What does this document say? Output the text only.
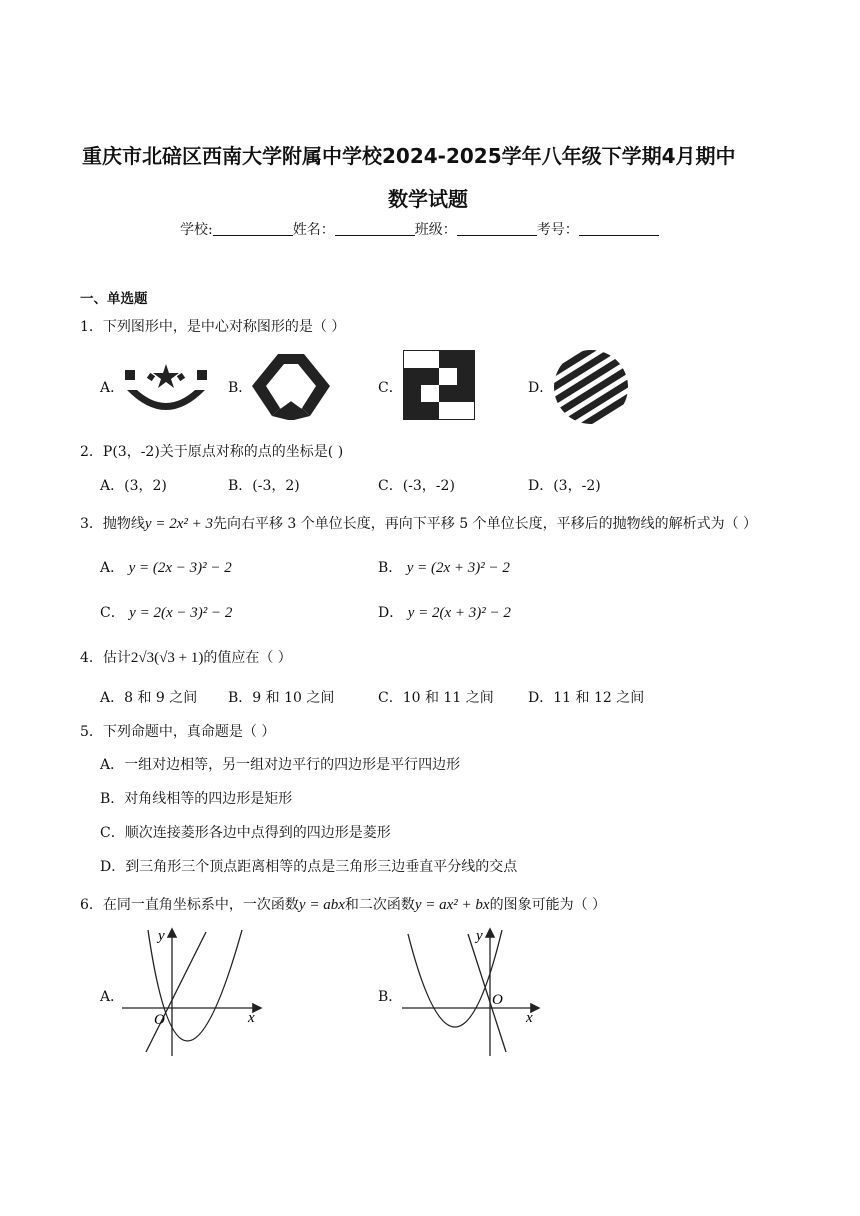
重庆市北碚区西南大学附属中学校2024-2025学年八年级下学期4月期中
数学试题
学校:	姓名：	班级：	考号：
一、单选题
1．下列图形中，是中心对称图形的是（ ）
A．	B．	C．	D．
2．P(3，-2)关于原点对称的点的坐标是( )
A．(3，2)	B．(-3，2)	C．(-3，-2)	D．(3，-2)
3．抛物线y = 2x² + 3先向右平移 3 个单位长度，再向下平移 5 个单位长度，平移后的抛物线的解析式为（ ）
A． y = (2x − 3)² − 2	B． y = (2x + 3)² − 2
C． y = 2(x − 3)² − 2	D． y = 2(x + 3)² − 2
4．估计2√3(√3 + 1)的值应在（ ）
A．8 和 9 之间 B．9 和 10 之间	C．10 和 11 之间 D．11 和 12 之间
5．下列命题中，真命题是（ ）
A．一组对边相等，另一组对边平行的四边形是平行四边形
B．对角线相等的四边形是矩形
C．顺次连接菱形各边中点得到的四边形是菱形
D．到三角形三个顶点距离相等的点是三角形三边垂直平分线的交点
6．在同一直角坐标系中，一次函数y = abx和二次函数y = ax² + bx的图象可能为（ ）
A．	B．
y
x
O
y
x
O
